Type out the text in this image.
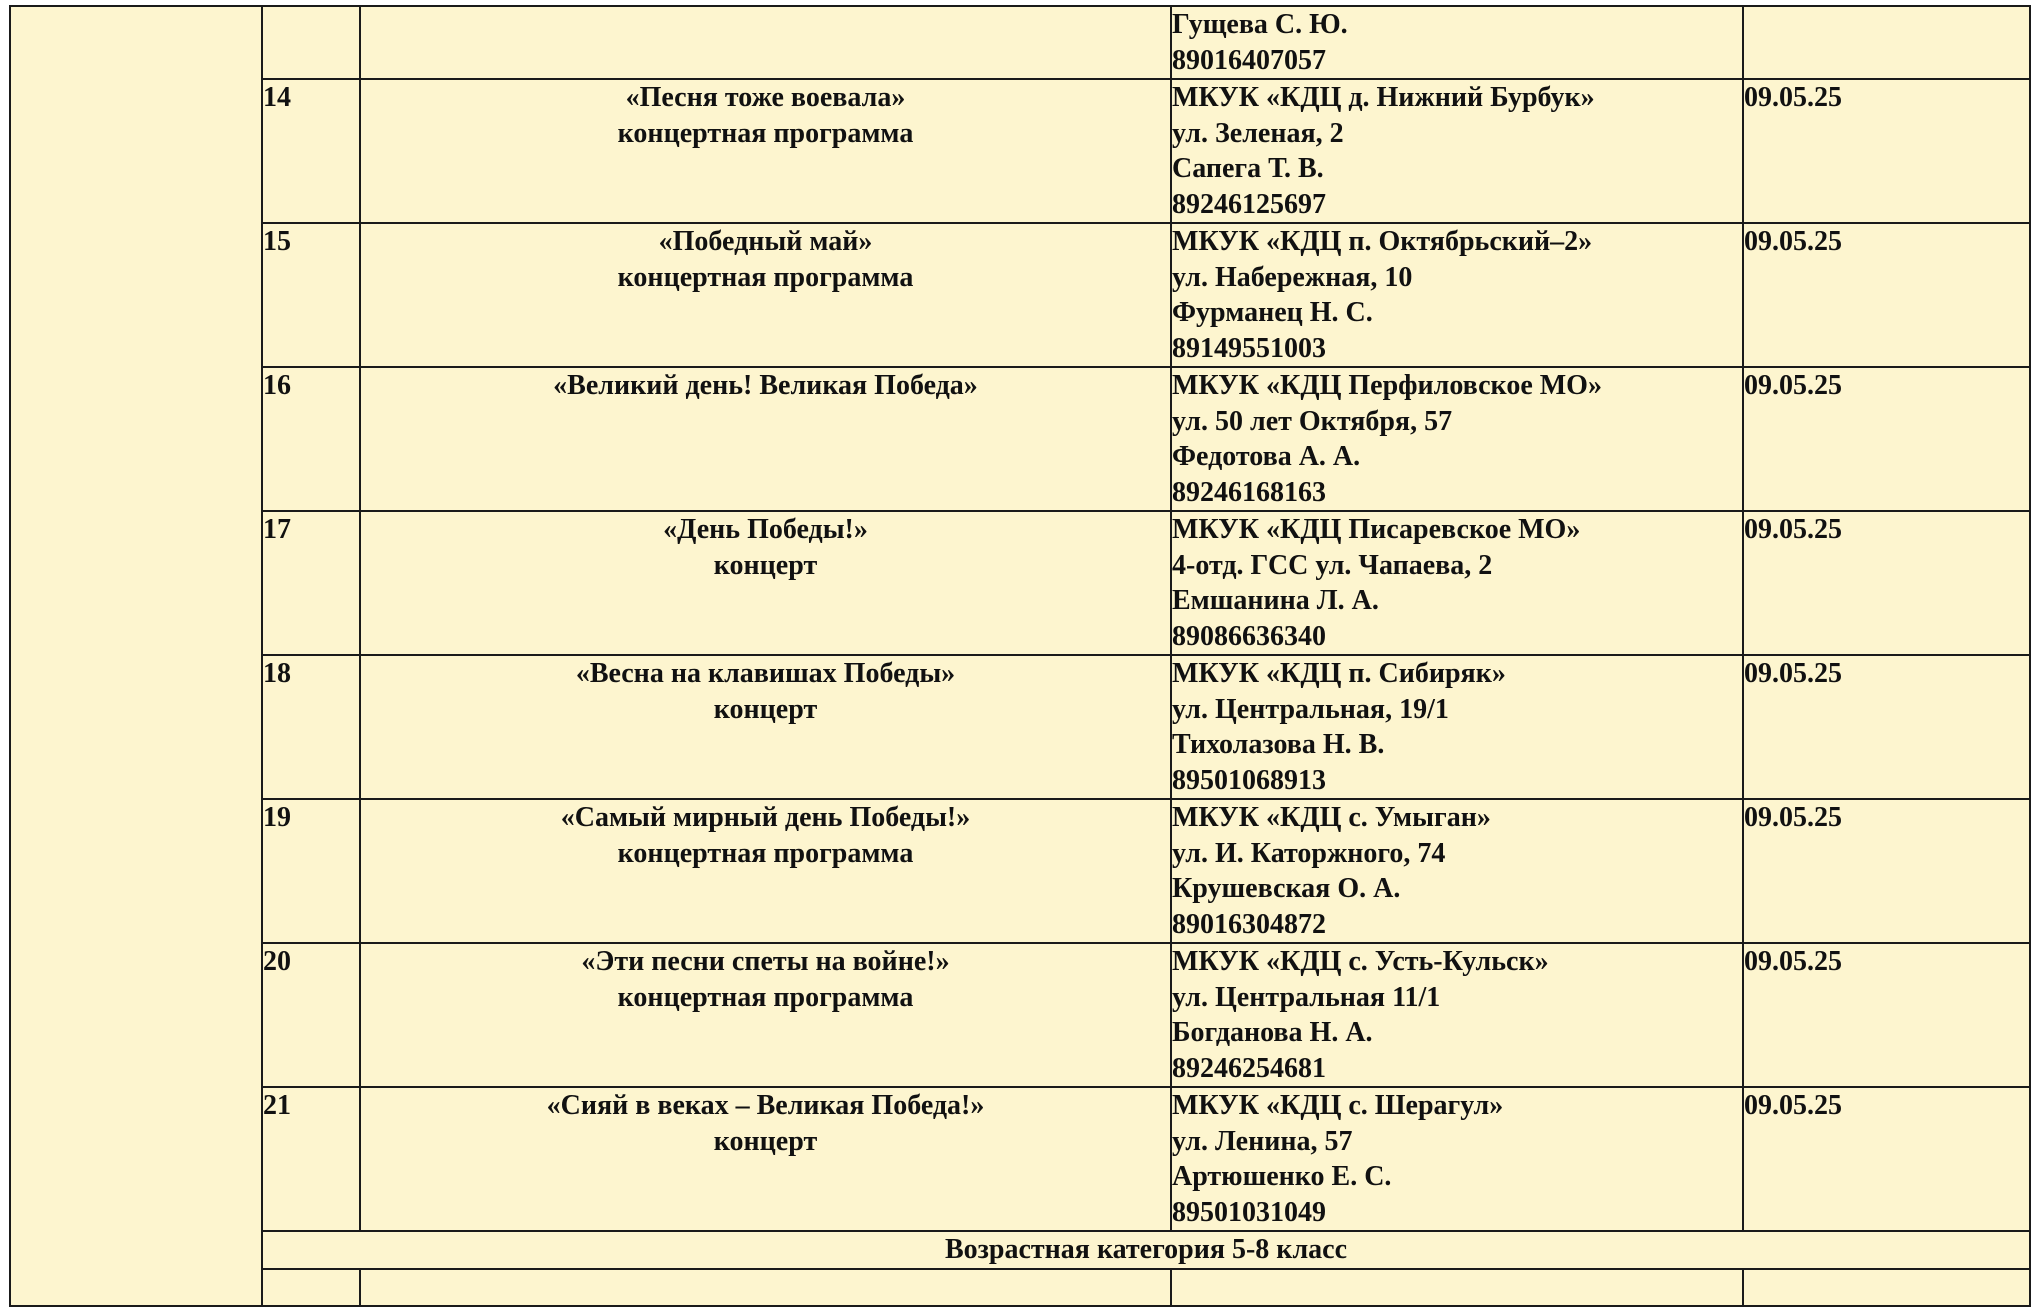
			Гущева С. Ю.
89016407057	

	14	«Песня тоже воевала»
концертная программа	МКУК «КДЦ д. Нижний Бурбук»
ул. Зеленая, 2
Сапега Т. В.
89246125697	09.05.25
	15	«Победный май»
концертная программа	МКУК «КДЦ п. Октябрьский–2»
ул. Набережная, 10
Фурманец Н. С.
89149551003	09.05.25
	16	«Великий день! Великая Победа»	МКУК «КДЦ Перфиловское МО»
ул. 50 лет Октября, 57
Федотова А. А.
89246168163	09.05.25
	17	«День Победы!»
концерт	МКУК «КДЦ Писаревское МО»
4-отд. ГСС ул. Чапаева, 2
Емшанина Л. А.
89086636340	09.05.25
	18	«Весна на клавишах Победы»
концерт	МКУК «КДЦ п. Сибиряк»
ул. Центральная, 19/1
Тихолазова Н. В.
89501068913	09.05.25
	19	«Самый мирный день Победы!»
концертная программа	МКУК «КДЦ с. Умыган»
ул. И. Каторжного, 74
Крушевская О. А.
89016304872	09.05.25
	20	«Эти песни спеты на войне!»
концертная программа	МКУК «КДЦ с. Усть-Кульск»
ул. Центральная 11/1
Богданова Н. А.
89246254681	09.05.25
	21	«Сияй в веках – Великая Победа!»
концерт	МКУК «КДЦ с. Шерагул»
ул. Ленина, 57
Артюшенко Е. С.
89501031049	09.05.25
	Возрастная категория 5-8 класс			
